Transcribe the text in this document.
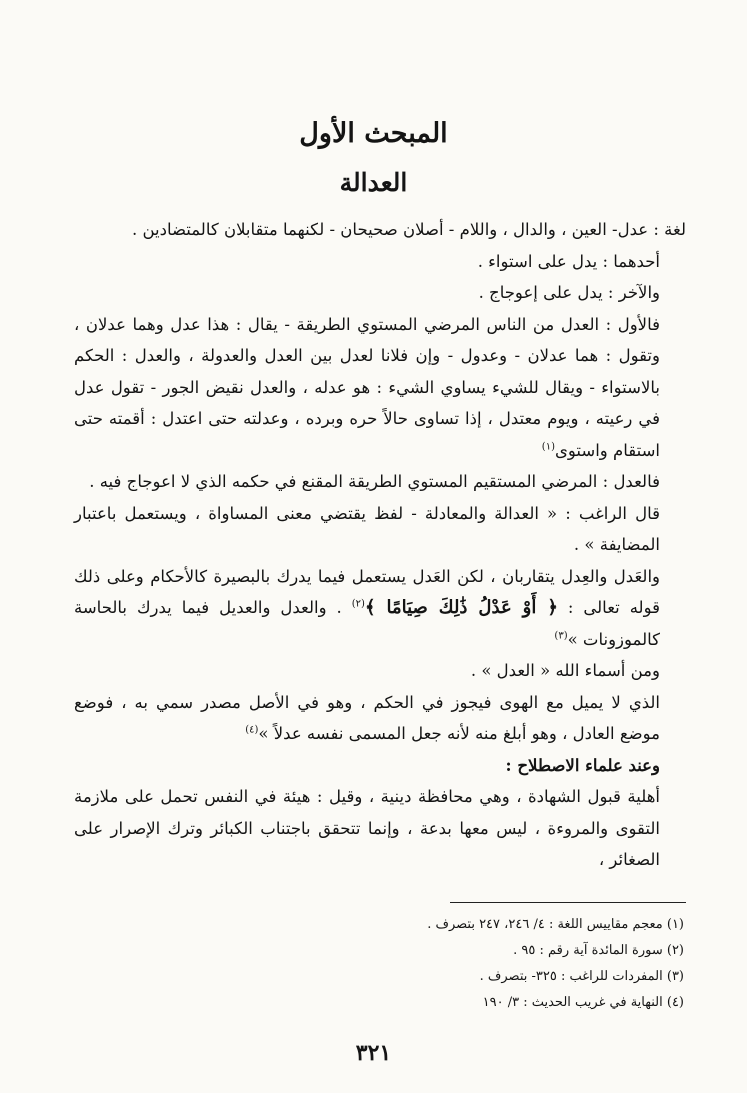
المبحث الأول
العدالة

لغة : عدل- العين ، والدال ، واللام - أصلان صحيحان - لكنهما متقابلان كالمتضادين .

أحدهما : يدل على استواء .

والآخر : يدل على إعوجاج .

فالأول : العدل من الناس المرضي المستوي الطريقة - يقال : هذا عدل وهما عدلان ، وتقول : هما عدلان - وعدول - وإن فلانا لعدل بين العدل والعدولة ، والعدل : الحكم بالاستواء - ويقال للشيء يساوي الشيء : هو عدله ، والعدل نقيض الجور - تقول عدل في رعيته ، ويوم معتدل ، إذا تساوى حالاً حره وبرده ، وعدلته حتى اعتدل : أقمته حتى استقام واستوى$^{(١)}$

فالعدل : المرضي المستقيم المستوي الطريقة المقنع في حكمه الذي لا اعوجاج فيه .

قال الراغب : « العدالة والمعادلة - لفظ يقتضي معنى المساواة ، ويستعمل باعتبار المضايفة » .

والعَدل والعِدل يتقاربان ، لكن العَدل يستعمل فيما يدرك بالبصيرة كالأحكام وعلى ذلك قوله تعالى : ﴿ أَوْ عَدْلُ ذَٰلِكَ صِيَامًا ﴾$^{(٢)}$ . والعدل والعديل فيما يدرك بالحاسة كالموزونات »$^{(٣)}$

ومن أسماء الله « العدل » .

الذي لا يميل مع الهوى فيجوز في الحكم ، وهو في الأصل مصدر سمي به ، فوضع موضع العادل ، وهو أبلغ منه لأنه جعل المسمى نفسه عدلاً »$^{(٤)}$

وعند علماء الاصطلاح :

أهلية قبول الشهادة ، وهي محافظة دينية ، وقيل : هيئة في النفس تحمل على ملازمة التقوى والمروءة ، ليس معها بدعة ، وإنما تتحقق باجتناب الكبائر وترك الإصرار على الصغائر ،

(١) معجم مقاييس اللغة : ٤/ ٢٤٦، ٢٤٧ بتصرف .
(٢) سورة المائدة آية رقم : ٩٥ .
(٣) المفردات للراغب : ٣٢٥- بتصرف .
(٤) النهاية في غريب الحديث : ٣/ ١٩٠
٣٢١
